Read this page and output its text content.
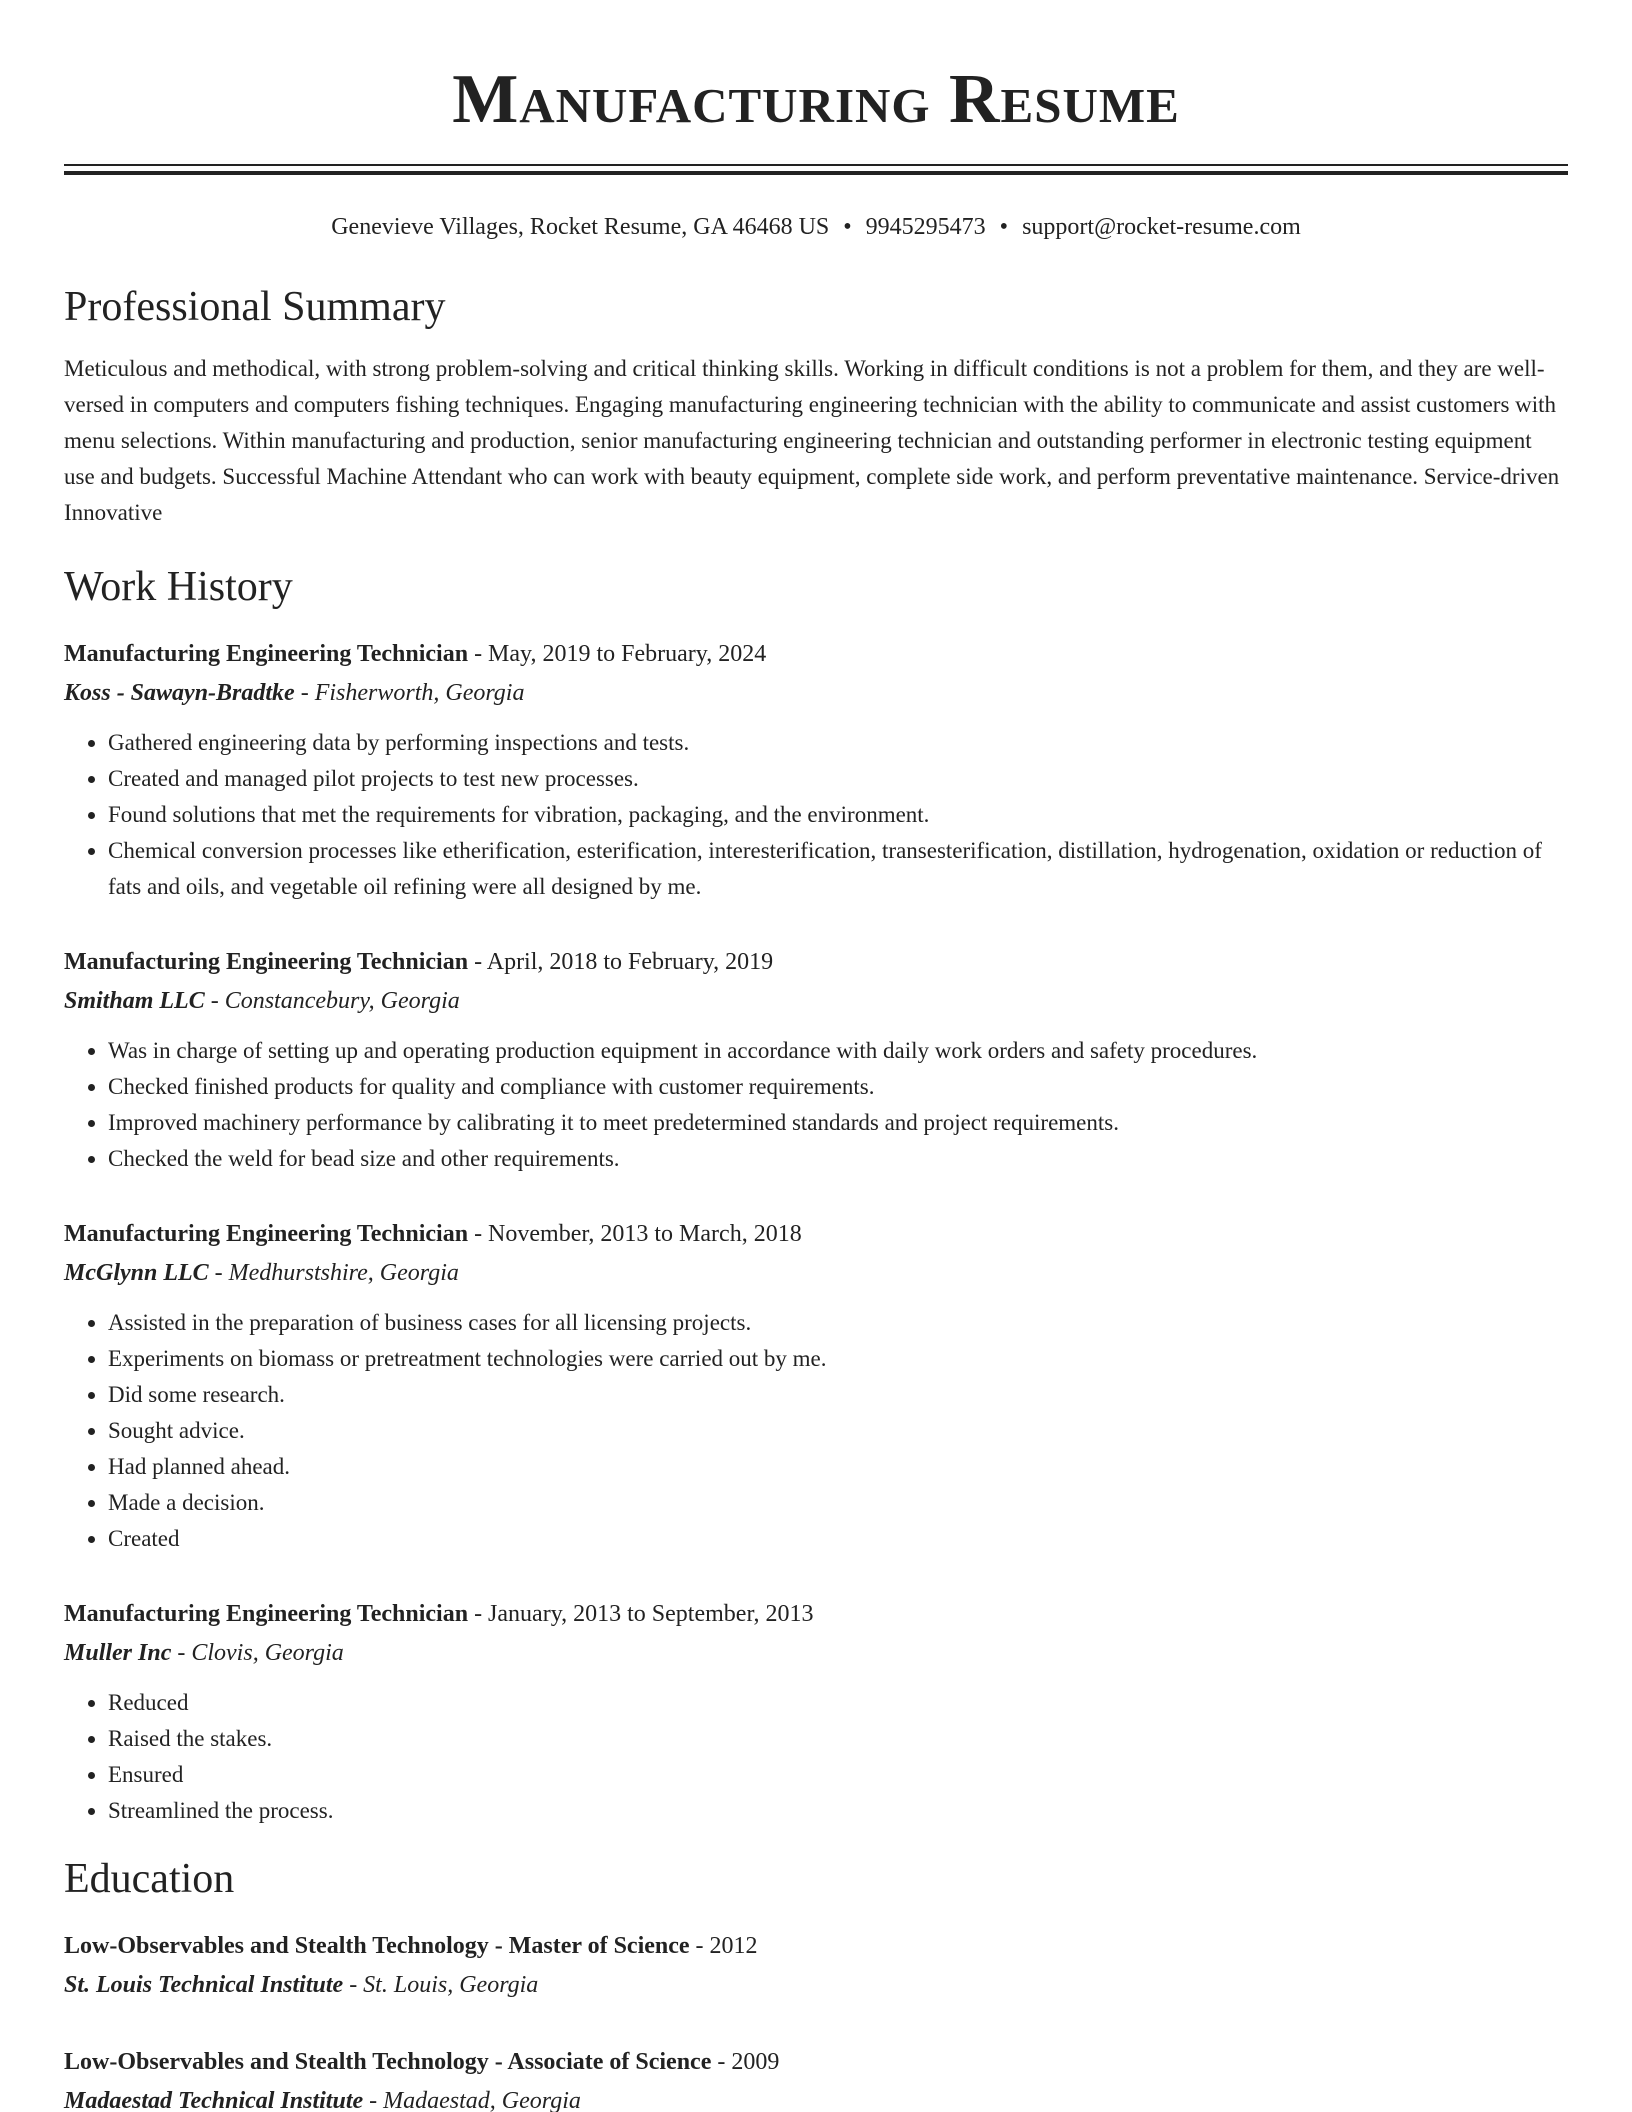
Manufacturing Resume
Genevieve Villages, Rocket Resume, GA 46468 US • 9945295473 • support@rocket-resume.com
Professional Summary
Meticulous and methodical, with strong problem-solving and critical thinking skills. Working in difficult conditions is not a problem for them, and they are well-versed in computers and computers fishing techniques. Engaging manufacturing engineering technician with the ability to communicate and assist customers with menu selections. Within manufacturing and production, senior manufacturing engineering technician and outstanding performer in electronic testing equipment use and budgets. Successful Machine Attendant who can work with beauty equipment, complete side work, and perform preventative maintenance. Service-driven Innovative
Work History
Manufacturing Engineering Technician - May, 2019 to February, 2024
Koss - Sawayn-Bradtke - Fisherworth, Georgia
• Gathered engineering data by performing inspections and tests.
• Created and managed pilot projects to test new processes.
• Found solutions that met the requirements for vibration, packaging, and the environment.
• Chemical conversion processes like etherification, esterification, interesterification, transesterification, distillation, hydrogenation, oxidation or reduction of fats and oils, and vegetable oil refining were all designed by me.
Manufacturing Engineering Technician - April, 2018 to February, 2019
Smitham LLC - Constancebury, Georgia
• Was in charge of setting up and operating production equipment in accordance with daily work orders and safety procedures.
• Checked finished products for quality and compliance with customer requirements.
• Improved machinery performance by calibrating it to meet predetermined standards and project requirements.
• Checked the weld for bead size and other requirements.
Manufacturing Engineering Technician - November, 2013 to March, 2018
McGlynn LLC - Medhurstshire, Georgia
• Assisted in the preparation of business cases for all licensing projects.
• Experiments on biomass or pretreatment technologies were carried out by me.
• Did some research.
• Sought advice.
• Had planned ahead.
• Made a decision.
• Created
Manufacturing Engineering Technician - January, 2013 to September, 2013
Muller Inc - Clovis, Georgia
• Reduced
• Raised the stakes.
• Ensured
• Streamlined the process.
Education
Low-Observables and Stealth Technology - Master of Science - 2012
St. Louis Technical Institute - St. Louis, Georgia
Low-Observables and Stealth Technology - Associate of Science - 2009
Madaestad Technical Institute - Madaestad, Georgia
